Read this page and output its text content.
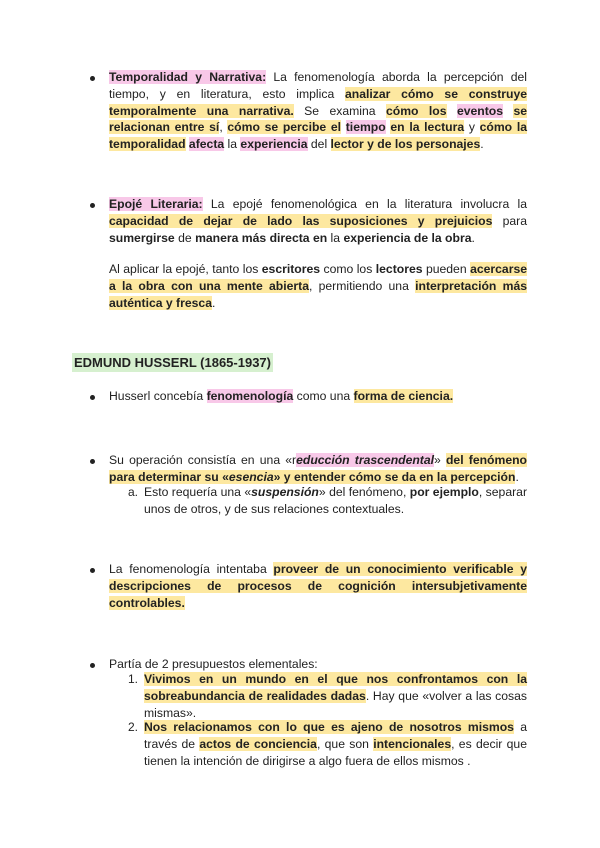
Temporalidad y Narrativa: La fenomenología aborda la percepción del tiempo, y en literatura, esto implica analizar cómo se construye temporalmente una narrativa. Se examina cómo los eventos se relacionan entre sí, cómo se percibe el tiempo en la lectura y cómo la temporalidad afecta la experiencia del lector y de los personajes.
Epojé Literaria: La epojé fenomenológica en la literatura involucra la capacidad de dejar de lado las suposiciones y prejuicios para sumergirse de manera más directa en la experiencia de la obra.
Al aplicar la epojé, tanto los escritores como los lectores pueden acercarse a la obra con una mente abierta, permitiendo una interpretación más auténtica y fresca.
EDMUND HUSSERL (1865-1937)
Husserl concebía fenomenología como una forma de ciencia.
Su operación consistía en una «reducción trascendental» del fenómeno para determinar su «esencia» y entender cómo se da en la percepción.
a. Esto requería una «suspensión» del fenómeno, por ejemplo, separar unos de otros, y de sus relaciones contextuales.
La fenomenología intentaba proveer de un conocimiento verificable y descripciones de procesos de cognición intersubjetivamente controlables.
Partía de 2 presupuestos elementales:
1. Vivimos en un mundo en el que nos confrontamos con la sobreabundancia de realidades dadas. Hay que «volver a las cosas mismas».
2. Nos relacionamos con lo que es ajeno de nosotros mismos a través de actos de conciencia, que son intencionales, es decir que tienen la intención de dirigirse a algo fuera de ellos mismos .
